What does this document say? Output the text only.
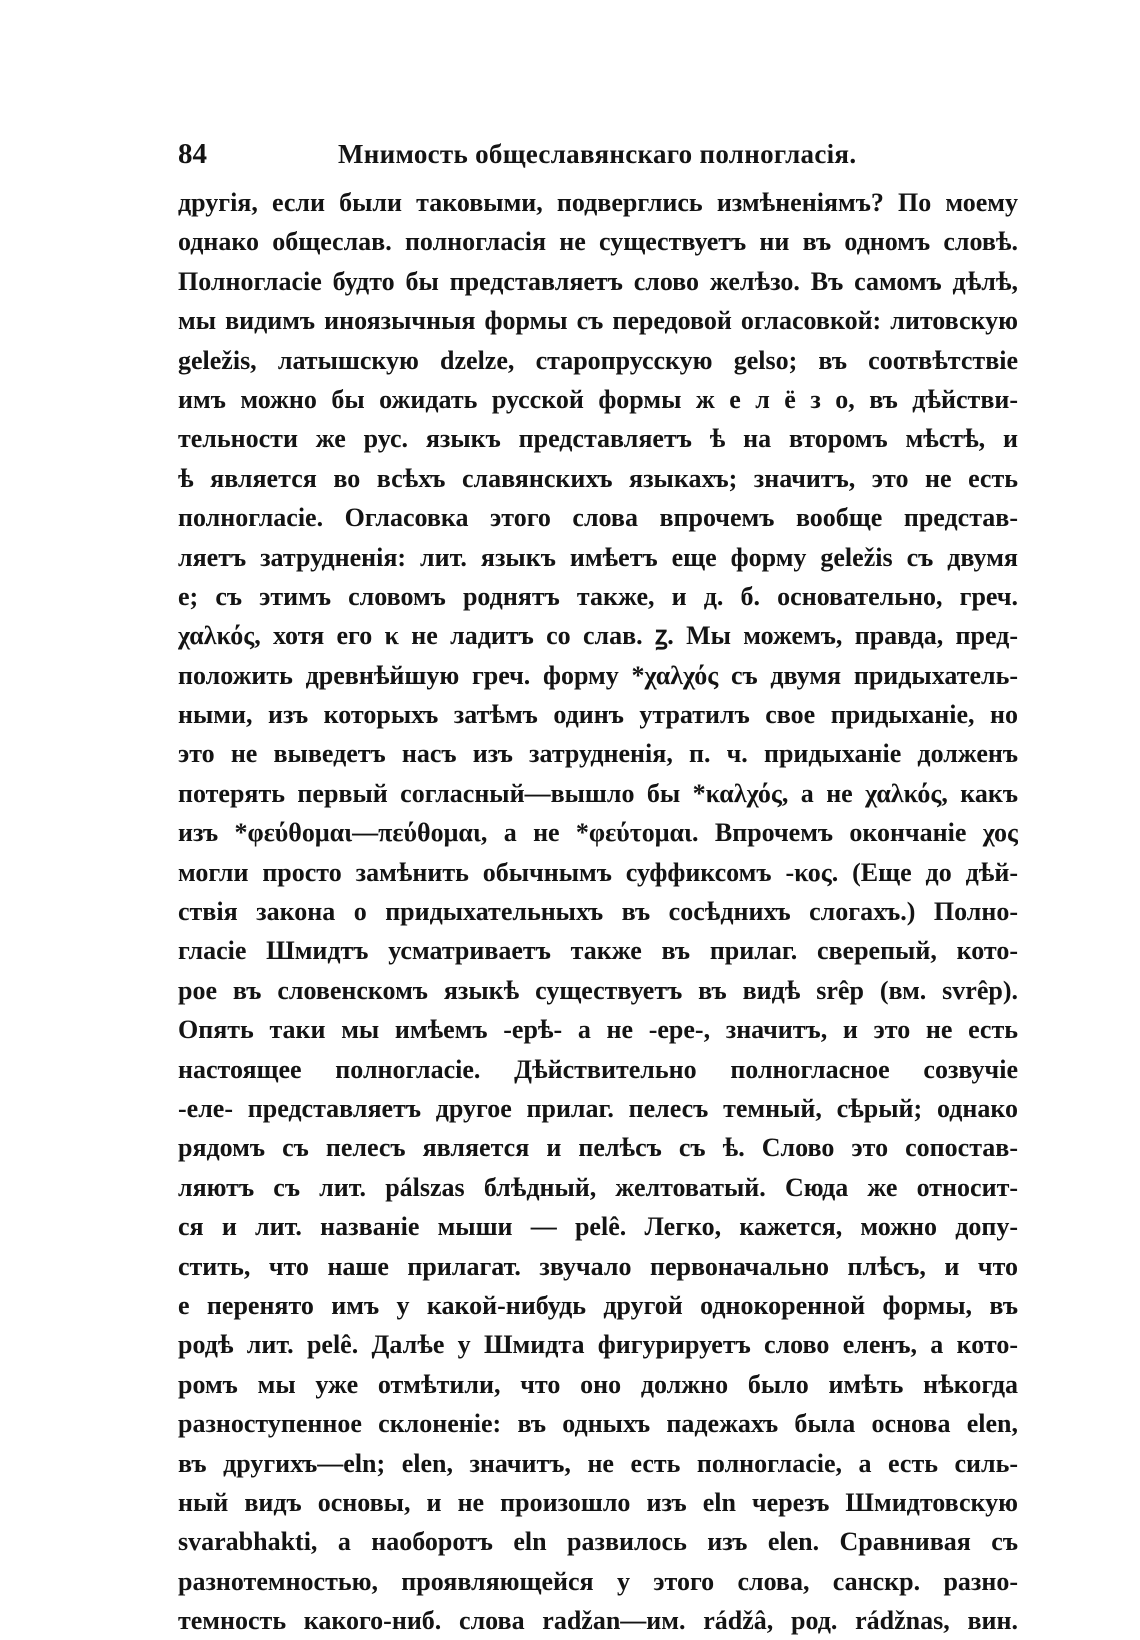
84	Мнимость общеславянскаго полногласія.
другія, если были таковыми, подверглись измѣненіямъ? По моему
однако общеслав. полногласія не существуетъ ни въ одномъ словѣ.
Полногласіе будто бы представляетъ слово желѣзо. Въ самомъ дѣлѣ,
мы видимъ иноязычныя формы съ передовой огласовкой: литовскую
geležis, латышскую dzelze, старопрусскую gelso; въ соотвѣтствіе
имъ можно бы ожидать русской формы ж е л ё з о, въ дѣйстви-
тельности же рус. языкъ представляетъ ѣ на второмъ мѣстѣ, и
ѣ является во всѣхъ славянскихъ языкахъ; значитъ, это не есть
полногласіе. Огласовка этого слова впрочемъ вообще представ-
ляетъ затрудненія: лит. языкъ имѣетъ еще форму geležis съ двумя
e; съ этимъ словомъ роднятъ также, и д. б. основательно, греч.
χαλκός, хотя его κ не ладитъ со слав. ꙁ. Мы можемъ, правда, пред-
положить древнѣйшую греч. форму *χαλχός съ двумя придыхатель-
ными, изъ которыхъ затѣмъ одинъ утратилъ свое придыханіе, но
это не выведетъ насъ изъ затрудненія, п. ч. придыханіе долженъ
потерять первый согласный—вышло бы *καλχός, а не χαλκός, какъ
изъ *φεύθομαι—πεύθομαι, а не *φεύτομαι. Впрочемъ окончаніе χος
могли просто замѣнить обычнымъ суффиксомъ -κος. (Еще до дѣй-
ствія закона о придыхательныхъ въ сосѣднихъ слогахъ.) Полно-
гласіе Шмидтъ усматриваетъ также въ прилаг. сверепый, кото-
рое въ словенскомъ языкѣ существуетъ въ видѣ srêp (вм. svrêp).
Опять таки мы имѣемъ -ерѣ- а не -ере-, значитъ, и это не есть
настоящее полногласіе. Дѣйствительно полногласное созвучіе
-еле- представляетъ другое прилаг. пелесъ темный, сѣрый; однако
рядомъ съ пелесъ является и пелѣсъ съ ѣ. Слово это сопостав-
ляютъ съ лит. pálszas блѣдный, желтоватый. Сюда же относит-
ся и лит. названіе мыши — pelê. Легко, кажется, можно допу-
стить, что наше прилагат. звучало первоначально плѣсъ, и что
e перенято имъ у какой-нибудь другой однокоренной формы, въ
родѣ лит. pelê. Далѣе у Шмидта фигурируетъ слово еленъ, а кото-
ромъ мы уже отмѣтили, что оно должно было имѣть нѣкогда
разноступенное склоненіе: въ одныхъ падежахъ была основа elen,
въ другихъ—eln; elen, значитъ, не есть полногласіе, а есть силь-
ный видъ основы, и не произошло изъ eln черезъ Шмидтовскую
svarabhakti, а наоборотъ eln развилось изъ elen. Сравнивая съ
разнотемностью, проявляющейся у этого слова, санскр. разно-
темность какого-ниб. слова radžan—им. rádžâ, род. rádžnas, вин.
